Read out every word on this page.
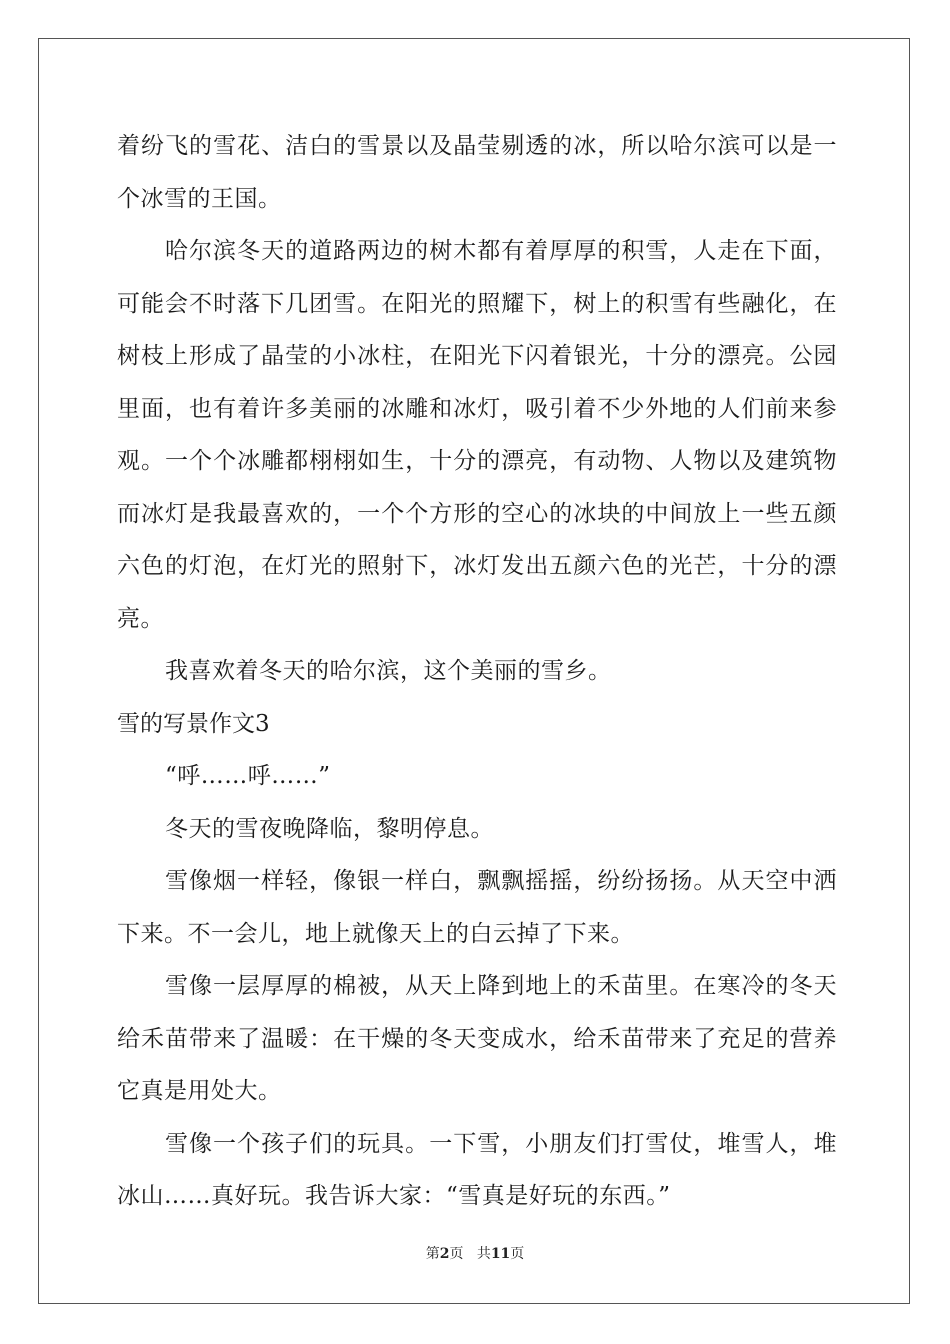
着纷飞的雪花、洁白的雪景以及晶莹剔透的冰，所以哈尔滨可以是一
个冰雪的王国。
哈尔滨冬天的道路两边的树木都有着厚厚的积雪，人走在下面，
可能会不时落下几团雪。在阳光的照耀下，树上的积雪有些融化，在
树枝上形成了晶莹的小冰柱，在阳光下闪着银光，十分的漂亮。公园
里面，也有着许多美丽的冰雕和冰灯，吸引着不少外地的人们前来参
观。一个个冰雕都栩栩如生，十分的漂亮，有动物、人物以及建筑物
而冰灯是我最喜欢的，一个个方形的空心的冰块的中间放上一些五颜
六色的灯泡，在灯光的照射下，冰灯发出五颜六色的光芒，十分的漂
亮。
我喜欢着冬天的哈尔滨，这个美丽的雪乡。
雪的写景作文3
“呼……呼……”
冬天的雪夜晚降临，黎明停息。
雪像烟一样轻，像银一样白，飘飘摇摇，纷纷扬扬。从天空中洒
下来。不一会儿，地上就像天上的白云掉了下来。
雪像一层厚厚的棉被，从天上降到地上的禾苗里。在寒冷的冬天
给禾苗带来了温暖：在干燥的冬天变成水，给禾苗带来了充足的营养
它真是用处大。
雪像一个孩子们的玩具。一下雪，小朋友们打雪仗，堆雪人，堆
冰山……真好玩。我告诉大家：“雪真是好玩的东西。”
第2页 共11页
